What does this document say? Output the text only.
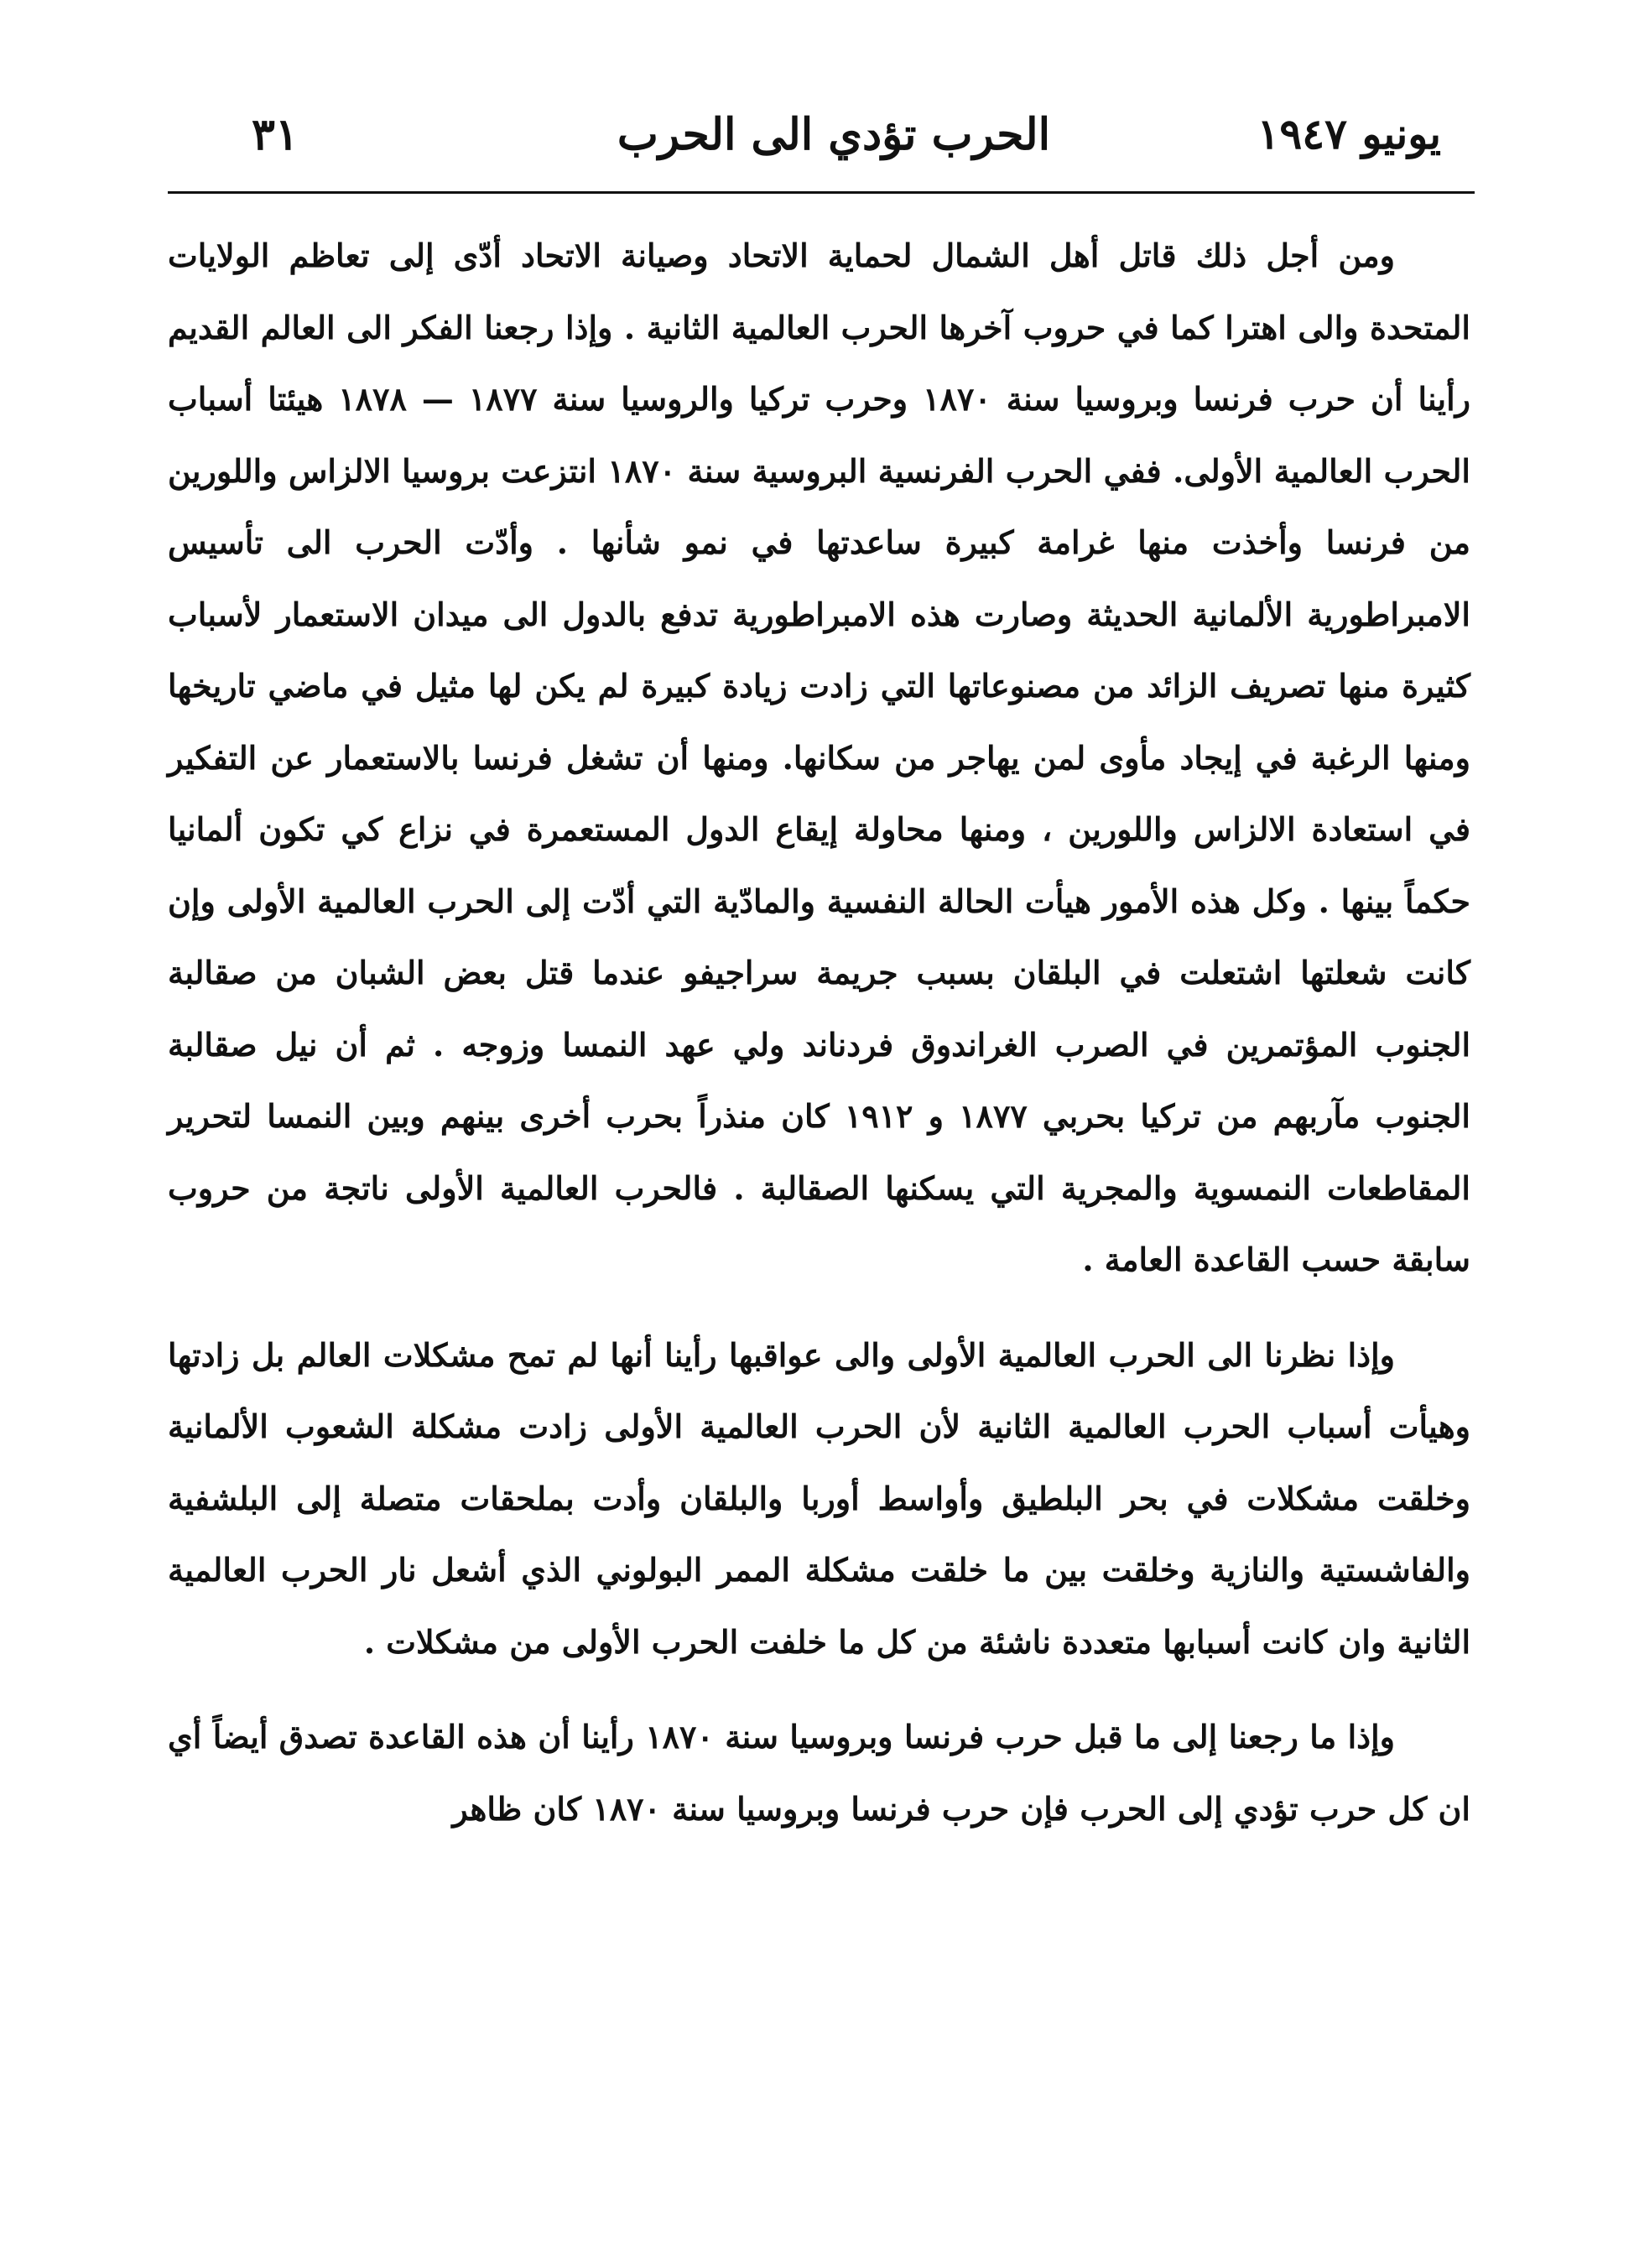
يونيو ١٩٤٧
الحرب تؤدي الى الحرب
٣١

ومن أجل ذلك قاتل أهل الشمال لحماية الاتحاد وصيانة الاتحاد أدّى إلى تعاظم الولايات المتحدة والى اهترا كما في حروب آخرها الحرب العالمية الثانية . وإذا رجعنا الفكر الى العالم القديم رأينا أن حرب فرنسا وبروسيا سنة ١٨٧٠ وحرب تركيا والروسيا سنة ١٨٧٧ — ١٨٧٨ هيئتا أسباب الحرب العالمية الأولى. ففي الحرب الفرنسية البروسية سنة ١٨٧٠ انتزعت بروسيا الالزاس واللورين من فرنسا وأخذت منها غرامة كبيرة ساعدتها في نمو شأنها . وأدّت الحرب الى تأسيس الامبراطورية الألمانية الحديثة وصارت هذه الامبراطورية تدفع بالدول الى ميدان الاستعمار لأسباب كثيرة منها تصريف الزائد من مصنوعاتها التي زادت زيادة كبيرة لم يكن لها مثيل في ماضي تاريخها ومنها الرغبة في إيجاد مأوى لمن يهاجر من سكانها. ومنها أن تشغل فرنسا بالاستعمار عن التفكير في استعادة الالزاس واللورين ، ومنها محاولة إيقاع الدول المستعمرة في نزاع كي تكون ألمانيا حكماً بينها . وكل هذه الأمور هيأت الحالة النفسية والمادّية التي أدّت إلى الحرب العالمية الأولى وإن كانت شعلتها اشتعلت في البلقان بسبب جريمة سراجيفو عندما قتل بعض الشبان من صقالبة الجنوب المؤتمرين في الصرب الغراندوق فردناند ولي عهد النمسا وزوجه . ثم أن نيل صقالبة الجنوب مآربهم من تركيا بحربي ١٨٧٧ و ١٩١٢ كان منذراً بحرب أخرى بينهم وبين النمسا لتحرير المقاطعات النمسوية والمجرية التي يسكنها الصقالبة . فالحرب العالمية الأولى ناتجة من حروب سابقة حسب القاعدة العامة .

وإذا نظرنا الى الحرب العالمية الأولى والى عواقبها رأينا أنها لم تمح مشكلات العالم بل زادتها وهيأت أسباب الحرب العالمية الثانية لأن الحرب العالمية الأولى زادت مشكلة الشعوب الألمانية وخلقت مشكلات في بحر البلطيق وأواسط أوربا والبلقان وأدت بملحقات متصلة إلى البلشفية والفاشستية والنازية وخلقت بين ما خلقت مشكلة الممر البولوني الذي أشعل نار الحرب العالمية الثانية وان كانت أسبابها متعددة ناشئة من كل ما خلفت الحرب الأولى من مشكلات .

وإذا ما رجعنا إلى ما قبل حرب فرنسا وبروسيا سنة ١٨٧٠ رأينا أن هذه القاعدة تصدق أيضاً أي ان كل حرب تؤدي إلى الحرب فإن حرب فرنسا وبروسيا سنة ١٨٧٠ كان ظاهر
